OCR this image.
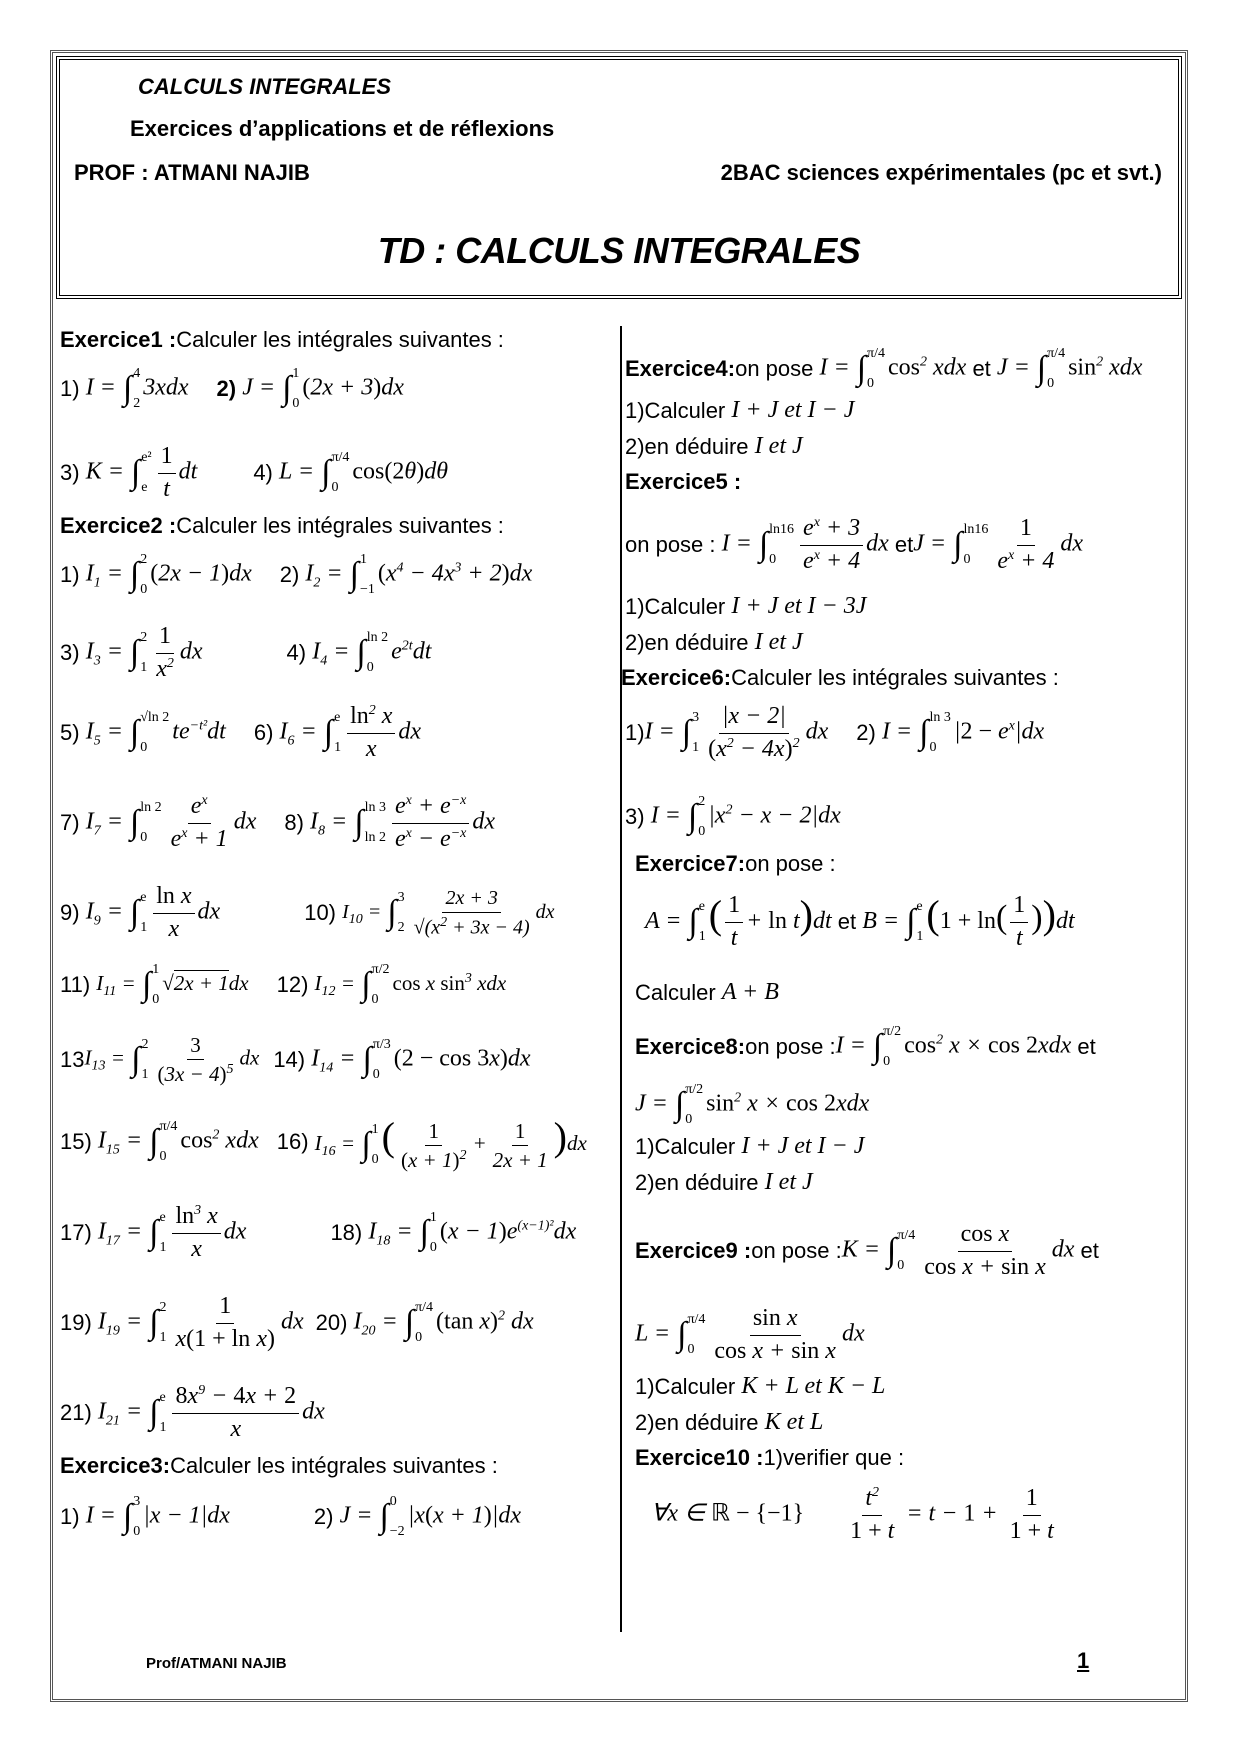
CALCULS INTEGRALES
Exercices d’applications et de réflexions
PROF : ATMANI NAJIB	2BAC sciences expérimentales (pc et svt.)
TD : CALCULS INTEGRALES
Exercice1 : Calculer les intégrales suivantes :
1)
I = ∫ 4
2
3xdx 2)
J = ∫ 1
0
(2x + 3)dx
3)
K = ∫ e²
e $\frac{1}{t}$ dt	4)
L = ∫ π/4
0
cos(2θ)dθ
Exercice2 : Calculer les intégrales suivantes :
1)
$I_1$ = ∫ 2
0
(2x − 1)dx 2)
$I_2$ = ∫ 1
−1
$(x^4 - 4x^3 + 2)dx$
3)
$I_3$ = ∫ 2
$1 \frac{1}{x^2}$ dx	4)
$I_4$ = ∫ ln 2
0
$e^{2t}dt$
5)
$I_5$ = ∫ √ln 2
0
$te^{-t^2}dt$ 6)
$I_6$ = ∫ e
$1 \frac{\ln^2 x}{x}$ dx
7)
$I_7$ = ∫ ln 2
$0 \frac{e^x}{e^x + 1}$ dx 8)
$I_8$ = ∫ ln 3
$\ln 2 \frac{e^x + e^{-x}}{e^x - e^{-x}}$ dx
9)
$I_9$ = ∫ e
$1 \frac{\text{ln x}}{x}$ dx	10)
$I_{10}$ = ∫ 3
$2 \frac{2x + 3}{√(x^2 + 3x - 4)}$ dx
11)
$I_{11}$ = ∫ 1
0
√2x + 1dx 12)
$I_{12}$ = ∫ π/2
0
cos x $\sin^3$ xdx
13 $I_{13}$ = ∫ 2
$1 \frac{3}{(3x - 4)^5}$ dx 14)
$I_{14}$ = ∫ π/3
0
(2 − cos 3x)dx
15)
$I_{15}$ = ∫ π/4
0
$\cos^2$ xdx 16)
$I_{16}$ = ∫ 1
0
( $\frac{1}{(x + 1)^2} + \frac{1}{2x + 1} )dx$
17)
$I_{17}$ = ∫ e
$1 \frac{\ln^3 x}{x}$ dx	18)
$I_{18}$ = ∫ 1
0
$(x - 1)e^{(x-1)^2}dx$
19)
$I_{19}$ = ∫ 2
$1 \frac{1}{\text{x(1 + ln x)}}$ dx 20)
$I_{20}$ = ∫ π/4
0
(tan x)$^2$ dx
21)
$I_{21}$ = ∫ e
$1 \frac{8x^9 - 4x + 2}{x}$ dx
Exercice3: Calculer les intégrales suivantes :
1)
I = ∫ 3
0
|x − 1|dx	2)
J = ∫ 0
−2
|x(x + 1)|dx
Exercice4: on pose
I = ∫ π/4
0
$\cos^2$ xdx
et
J = ∫ π/4
0
$\sin^2$ xdx
1)Calculer
I + J et I − J
2)en déduire
I et J
Exercice5 :
on pose :
I = ∫ ln16
$0 \frac{e^x + 3}{e^x + 4}$ dx
et J = ∫ ln16
$0 \frac{1}{e^x + 4}$ dx
1)Calculer
I + J et I − 3J
2)en déduire
I et J
Exercice6: Calculer les intégrales suivantes :
1) I = ∫ 3
$1 \frac{|x - 2|}{(x^2 - 4x)^2}$ dx 2)
I = ∫ ln 3
0
$|2 - e^x|dx$
3)
I = ∫ 2
0
$|x^2 - x - 2|dx$
Exercice7: on pose :
A = ∫ e
1 ( $\frac{1}{t} + \ln t)dt$
et
B = ∫ e
1 $(1 + \ln( \frac{1}{t} ))dt$
Calculer
A + B
Exercice8: on pose : I = ∫ π/2
0
$\cos^2 x \times \cos 2xdx$
et
J = ∫ π/2
0
$\sin^2 x \times \cos 2xdx$
1)Calculer
I + J et I − J
2)en déduire
I et J
Exercice9 : on pose : K = ∫ π/4
$0 \frac{\text{cos x}}{\text{cos x + sin x}}$ dx
et
L = ∫ π/4
$0 \frac{\text{sin x}}{\text{cos x + sin x}}$ dx
1)Calculer
K + L et K − L
2)en déduire
K et L
Exercice10 : 1)verifier que :
∀x ∈ ℝ − $\{-1\} \frac{t^2}{1 + t} = t - 1 + \frac{1}{1 + t}$
Prof/ATMANI NAJIB	1
